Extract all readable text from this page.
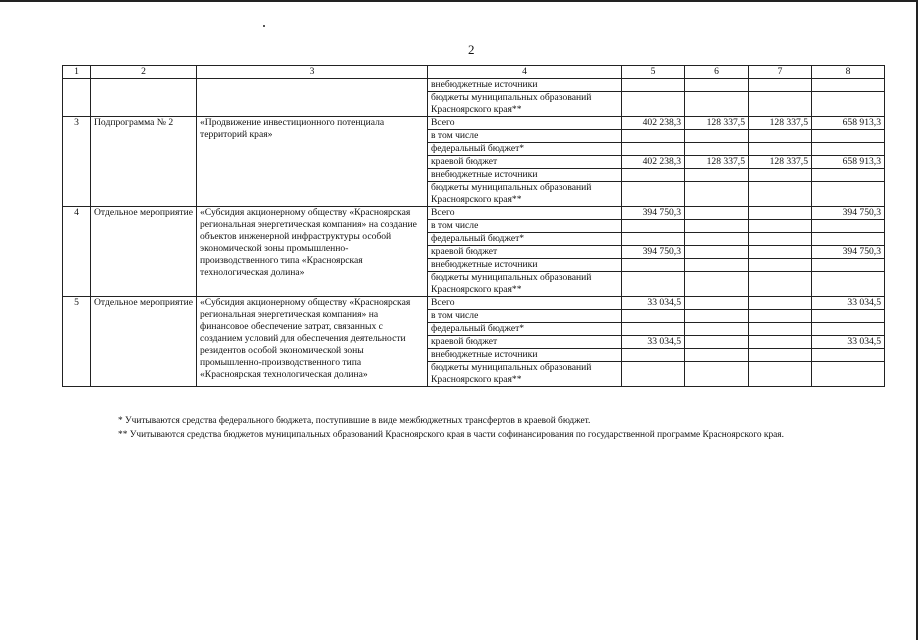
2
1	2	3	4	5	6	7	8
			внебюджетные источники				
			бюджеты муниципальных образований Красноярского края**				
3	Подпрограмма № 2	«Продвижение инвестиционного потенциала территорий края»	Всего	402 238,3	128 337,5	128 337,5	658 913,3
			в том числе				
			федеральный бюджет*				
			краевой бюджет	402 238,3	128 337,5	128 337,5	658 913,3
			внебюджетные источники				
			бюджеты муниципальных образований Красноярского края**				
4	Отдельное мероприятие	«Субсидия акционерному обществу «Красноярская региональная энергетическая компания» на создание объектов инженерной инфраструктуры особой экономической зоны промышленно-производственного типа «Красноярская технологическая долина»	Всего	394 750,3			394 750,3
			в том числе				
			федеральный бюджет*				
			краевой бюджет	394 750,3			394 750,3
			внебюджетные источники				
			бюджеты муниципальных образований Красноярского края**				
5	Отдельное мероприятие	«Субсидия акционерному обществу «Красноярская региональная энергетическая компания» на финансовое обеспечение затрат, связанных с созданием условий для обеспечения деятельности резидентов особой экономической зоны промышленно-производственного типа «Красноярская технологическая долина»	Всего	33 034,5			33 034,5
			в том числе				
			федеральный бюджет*				
			краевой бюджет	33 034,5			33 034,5
			внебюджетные источники				
			бюджеты муниципальных образований Красноярского края**				
* Учитываются средства федерального бюджета, поступившие в виде межбюджетных трансфертов в краевой бюджет.
** Учитываются средства бюджетов муниципальных образований Красноярского края в части софинансирования по государственной программе Красноярского края.
